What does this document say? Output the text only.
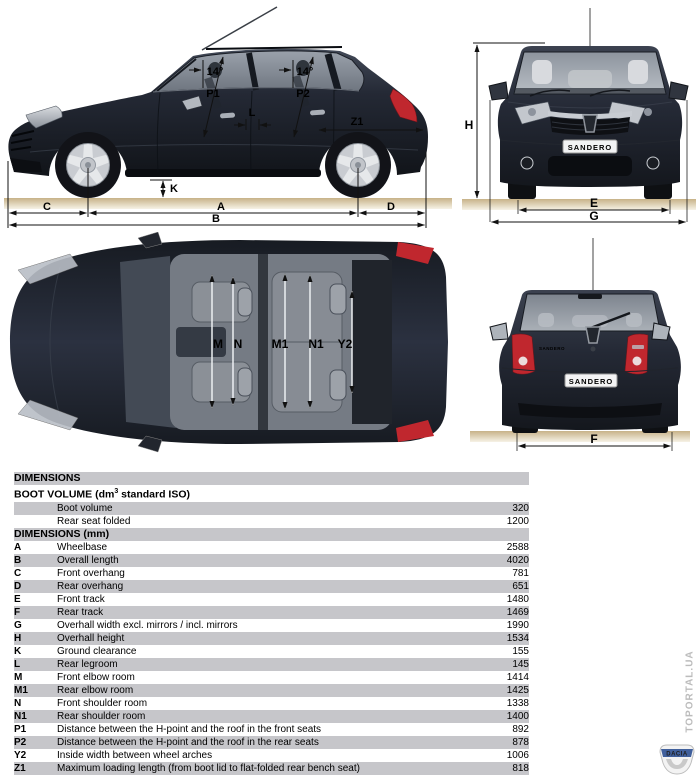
C	A	D
B
K
L
Z1
14°
P1
14°
P2
SANDERO
H
E
G
M N M1 N1 Y2	SANDERO
SANDERO
F
DIMENSIONS		
BOOT VOLUME ($dm^3$ standard ISO)		
	Boot volume	320
	Rear seat folded	1200
DIMENSIONS (mm)		
A	Wheelbase	2588
B	Overall length	4020
C	Front overhang	781
D	Rear overhang	651
E	Front track	1480
F	Rear track	1469
G	Overhall width excl. mirrors / incl. mirrors	1990
H	Overhall height	1534
K	Ground clearance	155
L	Rear legroom	145
M	Front elbow room	1414
M1	Rear elbow room	1425
N	Front shoulder room	1338
N1	Rear shoulder room	1400
P1	Distance between the H-point and the roof in the front seats	892
P2	Distance between the H-point and the roof in the rear seats	878
Y2	Inside width between wheel arches	1006
Z1	Maximum loading length (from boot lid to flat-folded rear bench seat)	818
TOPORTAL.UA
DACIA
